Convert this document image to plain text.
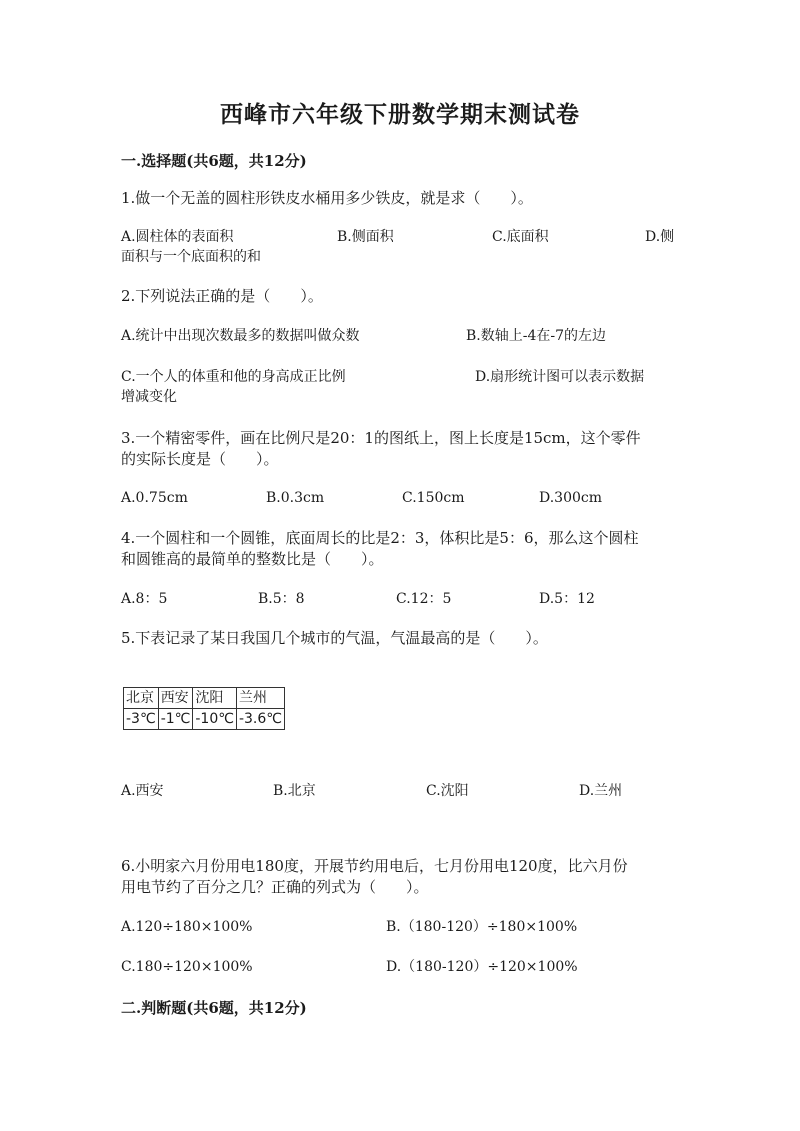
西峰市六年级下册数学期末测试卷
一.选择题(共6题，共12分)
1.做一个无盖的圆柱形铁皮水桶用多少铁皮，就是求（　　）。
A.圆柱体的表面积	B.侧面积	C.底面积	D.侧
面积与一个底面积的和
2.下列说法正确的是（　　）。
A.统计中出现次数最多的数据叫做众数	B.数轴上-4在-7的左边
C.一个人的体重和他的身高成正比例	D.扇形统计图可以表示数据
增减变化
3.一个精密零件，画在比例尺是20：1的图纸上，图上长度是15cm，这个零件
的实际长度是（　　）。
A.0.75cm	B.0.3cm	C.150cm	D.300cm
4.一个圆柱和一个圆锥，底面周长的比是2：3，体积比是5：6，那么这个圆柱
和圆锥高的最简单的整数比是（　　）。
A.8：5	B.5：8	C.12：5	D.5：12
5.下表记录了某日我国几个城市的气温，气温最高的是（　　）。
北京	西安	沈阳	兰州
-3℃	-1℃	-10℃	-3.6℃
A.西安	B.北京	C.沈阳	D.兰州
6.小明家六月份用电180度，开展节约用电后，七月份用电120度，比六月份
用电节约了百分之几？正确的列式为（　　）。
A.120÷180×100%	B.（180-120）÷180×100%
C.180÷120×100%	D.（180-120）÷120×100%
二.判断题(共6题，共12分)
